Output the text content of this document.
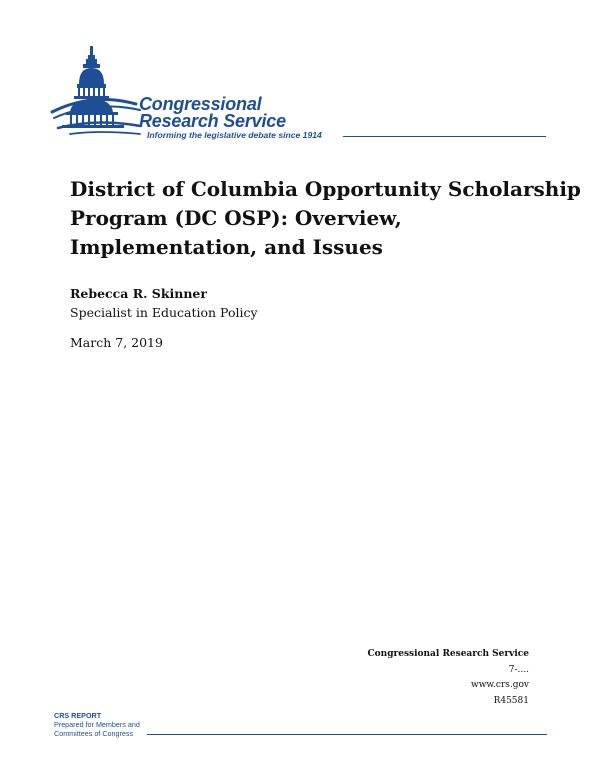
Congressional
Research Service
Informing the legislative debate since 1914
District of Columbia Opportunity Scholarship
Program (DC OSP): Overview,
Implementation, and Issues
Rebecca R. Skinner
Specialist in Education Policy
March 7, 2019
Congressional Research Service
7-....
www.crs.gov
R45581
CRS REPORT
Prepared for Members and
Committees of Congress
